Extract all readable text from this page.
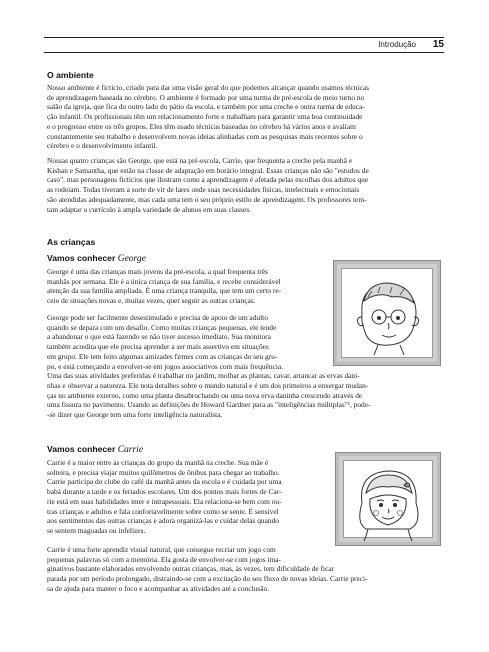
Introdução 15
O ambiente

Nosso ambiente é fictício, criado para dar uma visão geral do que podemos alcançar quando usamos técnicas
de aprendizagem baseada no cérebro. O ambiente é formado por uma turma de pré-escola de meio turno no
salão da igreja, que fica do outro lado do pátio da escola, e também por uma creche e outra turma de educa-
ção infantil. Os profissionais têm um relacionamento forte e trabalham para garantir uma boa continuidade
e o progresso entre os três grupos. Eles têm usado técnicas baseadas no cérebro há vários anos e avaliam
constantemente seu trabalho e desenvolvem novas ideias alinhadas com as pesquisas mais recentes sobre o
cérebro e o desenvolvimento infantil.

Nossas quatro crianças são George, que está na pré-escola, Carrie, que frequenta a creche pela manhã e
Kishan e Samantha, que estão na classe de adaptação em horário integral. Essas crianças não são "estudos de
caso", mas personagens fictícios que ilustram como a aprendizagem é afetada pelas escolhas dos adultos que
as rodeiam. Todas tiveram a sorte de vir de lares onde suas necessidades físicas, intelectuais e emocionais
são atendidas adequadamente, mas cada uma tem o seu próprio estilo de aprendizagem. Os professores tem-
tam adaptar o currículo à ampla variedade de alunos em suas classes.

As crianças
Vamos conhecer George

George é uma das crianças mais jovens da pré-escola, a qual frequenta três
manhãs por semana. Ele é a única criança de sua família, e recebe considerável
atenção da sua família ampliada. É uma criança tranquila, que tem um certo re-
ceio de situações novas e, muitas vezes, quer seguir as outras crianças.

George pode ser facilmente desestimulado e precisa de apoio de um adulto
quando se depara com um desafio. Como muitas crianças pequenas, ele tende
a abandonar o que está fazendo se não tiver sucesso imediato. Sua monitora
também acredita que ele precisa aprender a ser mais assertivo em situações
em grupo. Ele tem feito algumas amizades firmes com as crianças do seu gru-
po, e está começando a envolver-se em jogos associativos com mais frequência.
Uma das suas atividades preferidas é trabalhar no jardim, molhar as plantas, cavar, arrancar as ervas dani-
nhas e observar a natureza. Ele nota detalhes sobre o mundo natural e é um dos primeiros a enxergar mudan-
ças no ambiente externo, como uma planta desabrochando ou uma nova erva daninha crescendo através de
uma fissura no pavimento. Usando as definições de Howard Gardner para as "inteligências múltiplas"¹, pode-
-se dizer que George tem uma forte inteligência naturalista.

Vamos conhecer Carrie

Carrie é a maior entre as crianças do grupo da manhã na creche. Sua mãe é
solteira, e precisa viajar muitos quilômetros de ônibus para chegar ao trabalho.
Carrie participa do clube do café da manhã antes da escola e é cuidada por uma
babá durante a tarde e os feriados escolares. Um dos pontos mais fortes de Car-
rie está em suas habilidades inter e intrapessoais. Ela relaciona-se bem com ou-
tras crianças e adultos e fala confortavelmente sobre como se sente. É sensível
aos sentimentos das outras crianças e adora organizá-las e cuidar delas quando
se sentem magoadas ou infelizes.

Carrie é uma forte aprendiz visual natural, que consegue recriar um jogo com
pequenas palavras só com a memória. Ela gosta de envolver-se com jogos ima-
ginativos bastante elaborados envolvendo outras crianças, mas, às vezes, tem dificuldade de ficar
parada por um período prolongado, distraindo-se com a excitação do seu fluxo de novas ideias. Carrie preci-
sa de ajuda para manter o foco e acompanhar as atividades até a conclusão.
